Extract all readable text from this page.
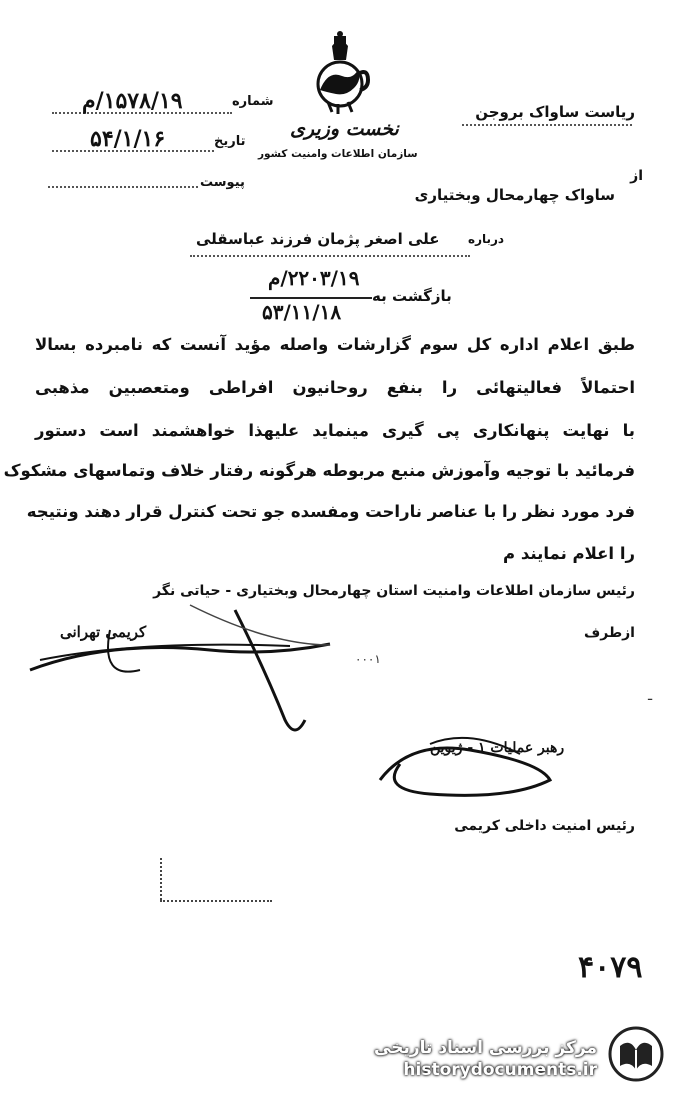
نخست وزیری
سازمان اطلاعات وامنیت کشور
شماره
۱۵۷۸/۱۹/م
تاریخ
۵۴/۱/۱۶
پیوست
ریاست ساواک بروجن
از
ساواک چهارمحال وبختیاری
درباره
علی اصغر پژمان فرزند عباسقلی
بازگشت به
۲۲۰۳/۱۹/م
۵۳/۱۱/۱۸
طبق اعلام اداره کل سوم گزارشات واصله مؤید آنست که نامبرده بسالا
احتمالاً فعالیتهائی را بنفع روحانیون افراطی ومتعصبین مذهبی
با نهایت پنهانکاری پی گیری مینماید علیهذا خواهشمند است دستور
فرمائید با توجیه وآموزش منبع مربوطه هرگونه رفتار خلاف وتماسهای مشکوک
فرد مورد نظر را با عناصر ناراحت ومفسده جو تحت کنترل قرار دهند ونتیجه
را اعلام نمایند م
رئیس سازمان اطلاعات وامنیت استان چهارمحال وبختیاری - حیاتی نگر
ازطرف
کریمی تهرانی
٠٠٠١
ـ
رهبر عملیات ۱ - ژیوین
رئیس امنیت داخلی کریمی
۴۰۷۹
مرکز بررسی اسناد تاریخی
historydocuments.ir
